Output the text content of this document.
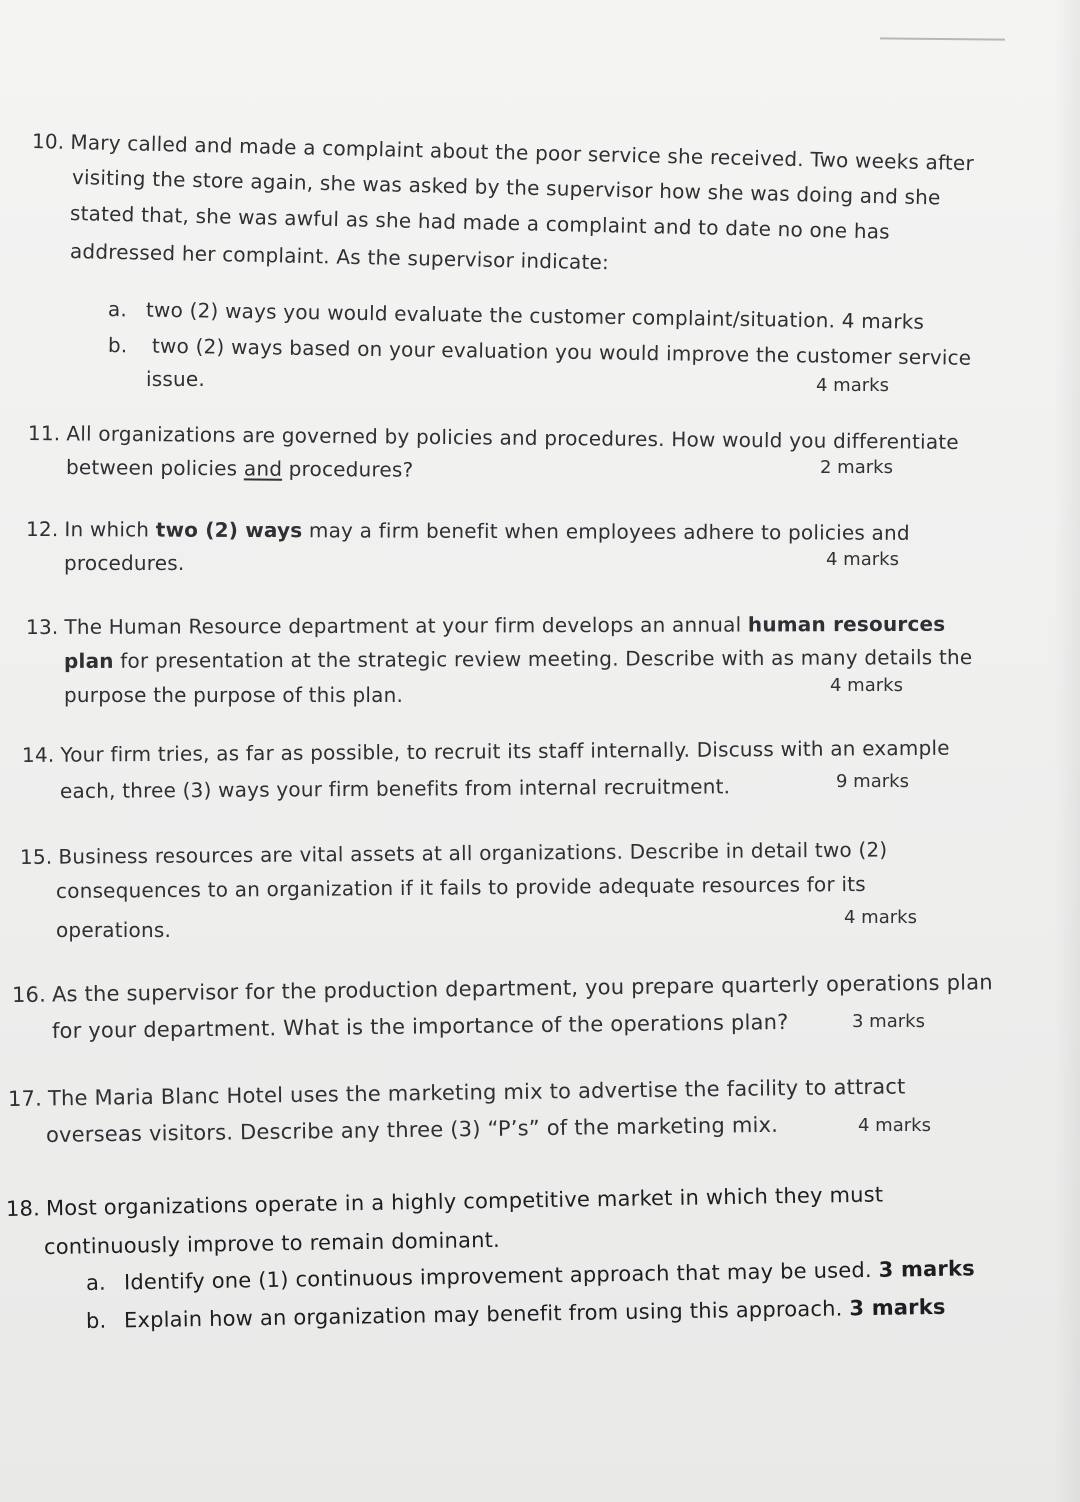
10. Mary called and made a complaint about the poor service she received. Two weeks after
visiting the store again, she was asked by the supervisor how she was doing and she
stated that, she was awful as she had made a complaint and to date no one has
addressed her complaint. As the supervisor indicate:
a. two (2) ways you would evaluate the customer complaint/situation. 4 marks
b. two (2) ways based on your evaluation you would improve the customer service
issue.	4 marks
11. All organizations are governed by policies and procedures. How would you differentiate
between policies and procedures?	2 marks
12. In which two (2) ways may a firm benefit when employees adhere to policies and
procedures.	4 marks
13. The Human Resource department at your firm develops an annual human resources
plan for presentation at the strategic review meeting. Describe with as many details the
purpose the purpose of this plan.	4 marks
14. Your firm tries, as far as possible, to recruit its staff internally. Discuss with an example
each, three (3) ways your firm benefits from internal recruitment.	9 marks
15. Business resources are vital assets at all organizations. Describe in detail two (2)
consequences to an organization if it fails to provide adequate resources for its
operations.
4 marks
16. As the supervisor for the production department, you prepare quarterly operations plan
for your department. What is the importance of the operations plan?	3 marks
17. The Maria Blanc Hotel uses the marketing mix to advertise the facility to attract
overseas visitors. Describe any three (3) “P’s” of the marketing mix.	4 marks
18. Most organizations operate in a highly competitive market in which they must
continuously improve to remain dominant.
a. Identify one (1) continuous improvement approach that may be used. 3 marks
b. Explain how an organization may benefit from using this approach. 3 marks
